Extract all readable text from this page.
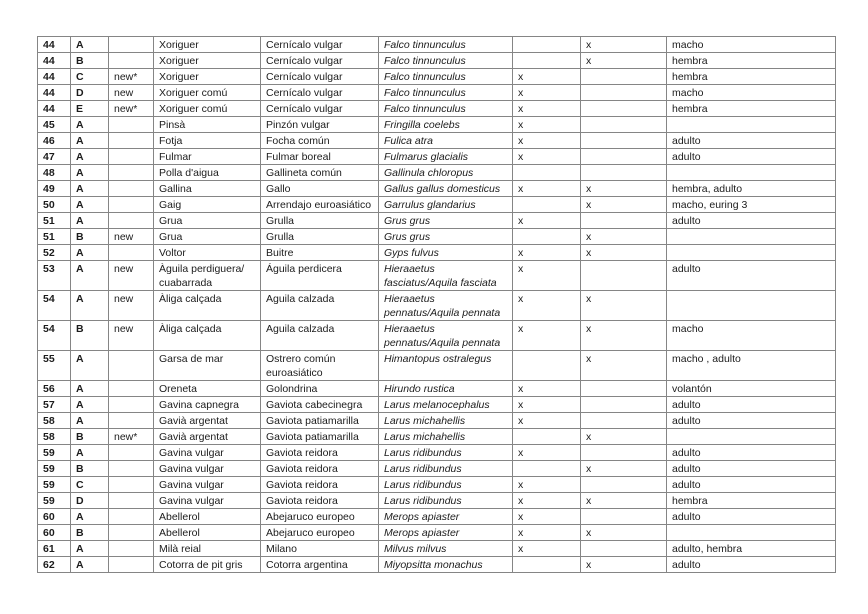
44	A		Xoriguer	Cernícalo vulgar	Falco tinnunculus		x	macho
44	B		Xoriguer	Cernícalo vulgar	Falco tinnunculus		x	hembra
44	C	new*	Xoriguer	Cernícalo vulgar	Falco tinnunculus	x		hembra
44	D	new	Xoriguer comú	Cernícalo vulgar	Falco tinnunculus	x		macho
44	E	new*	Xoriguer comú	Cernícalo vulgar	Falco tinnunculus	x		hembra
45	A		Pinsà	Pinzón vulgar	Fringilla coelebs	x		
46	A		Fotja	Focha común	Fulica atra	x		adulto
47	A		Fulmar	Fulmar boreal	Fulmarus glacialis	x		adulto
48	A		Polla d'aigua	Gallineta común	Gallinula chloropus			
49	A		Gallina	Gallo	Gallus gallus domesticus	x	x	hembra, adulto
50	A		Gaig	Arrendajo euroasiático	Garrulus glandarius		x	macho, euring 3
51	A		Grua	Grulla	Grus grus	x		adulto
51	B	new	Grua	Grulla	Grus grus		x	
52	A		Voltor	Buitre	Gyps fulvus	x	x	
53	A	new	Àguila perdiguera/ cuabarrada	Águila perdicera	Hieraaetus fasciatus/Aquila fasciata	x		adulto
54	A	new	Àliga calçada	Aguila calzada	Hieraaetus pennatus/Aquila pennata	x	x	
54	B	new	Àliga calçada	Aguila calzada	Hieraaetus pennatus/Aquila pennata	x	x	macho
55	A		Garsa de mar	Ostrero común euroasiático	Himantopus ostralegus		x	macho , adulto
56	A		Oreneta	Golondrina	Hirundo rustica	x		volantón
57	A		Gavina capnegra	Gaviota cabecinegra	Larus melanocephalus	x		adulto
58	A		Gavià argentat	Gaviota patiamarilla	Larus michahellis	x		adulto
58	B	new*	Gavià argentat	Gaviota patiamarilla	Larus michahellis		x	
59	A		Gavina vulgar	Gaviota reidora	Larus ridibundus	x		adulto
59	B		Gavina vulgar	Gaviota reidora	Larus ridibundus		x	adulto
59	C		Gavina vulgar	Gaviota reidora	Larus ridibundus	x		adulto
59	D		Gavina vulgar	Gaviota reidora	Larus ridibundus	x	x	hembra
60	A		Abellerol	Abejaruco europeo	Merops apiaster	x		adulto
60	B		Abellerol	Abejaruco europeo	Merops apiaster	x	x	
61	A		Milà reial	Milano	Milvus milvus	x		adulto, hembra
62	A		Cotorra de pit gris	Cotorra argentina	Miyopsitta monachus		x	adulto
